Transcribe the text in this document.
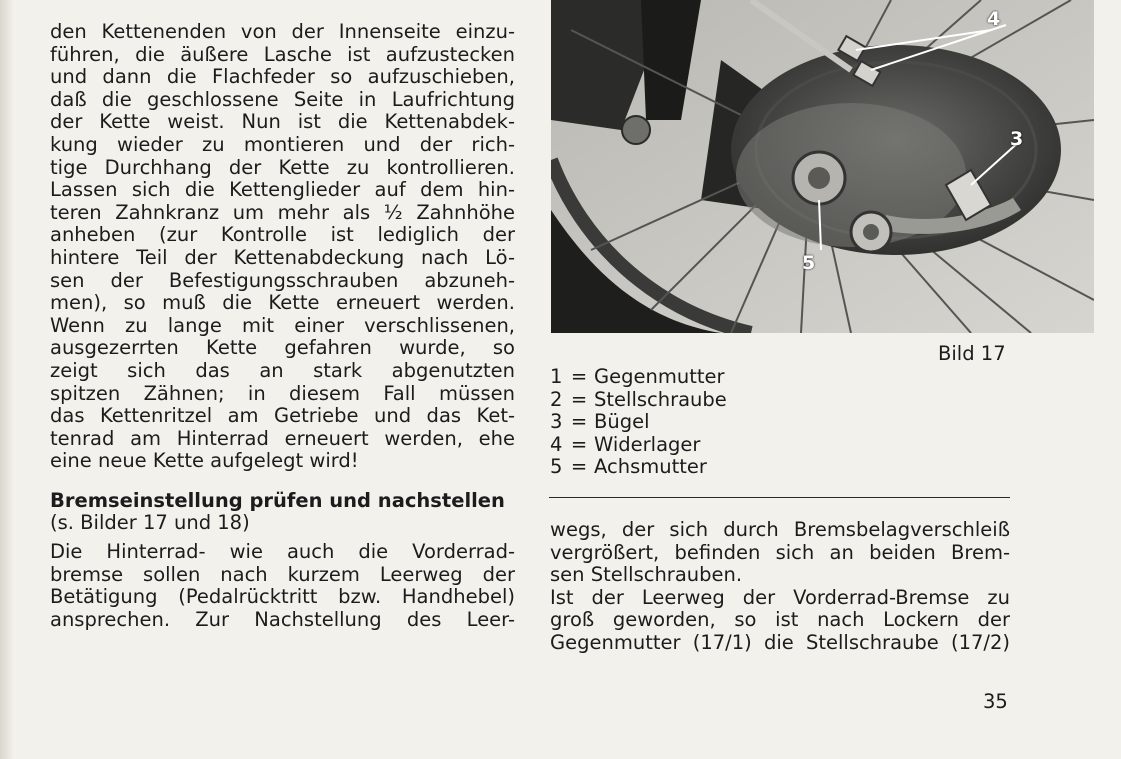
den Kettenenden von der Innenseite einzu-
führen, die äußere Lasche ist aufzustecken
und dann die Flachfeder so aufzuschieben,
daß die geschlossene Seite in Laufrichtung
der Kette weist. Nun ist die Kettenabdek-
kung wieder zu montieren und der rich-
tige Durchhang der Kette zu kontrollieren.
Lassen sich die Kettenglieder auf dem hin-
teren Zahnkranz um mehr als ½ Zahnhöhe
anheben (zur Kontrolle ist lediglich der
hintere Teil der Kettenabdeckung nach Lö-
sen der Befestigungsschrauben abzuneh-
men), so muß die Kette erneuert werden.
Wenn zu lange mit einer verschlissenen,
ausgezerrten Kette gefahren wurde, so
zeigt sich das an stark abgenutzten
spitzen Zähnen; in diesem Fall müssen
das Kettenritzel am Getriebe und das Ket-
tenrad am Hinterrad erneuert werden, ehe
eine neue Kette aufgelegt wird!
Bremseinstellung prüfen und nachstellen
(s. Bilder 17 und 18)
Die Hinterrad- wie auch die Vorderrad-
bremse sollen nach kurzem Leerweg der
Betätigung (Pedalrücktritt bzw. Handhebel)
ansprechen. Zur Nachstellung des Leer-
4
3
5
Bild 17
1 = Gegenmutter
2 = Stellschraube
3 = Bügel
4 = Widerlager
5 = Achsmutter
wegs, der sich durch Bremsbelagverschleiß
vergrößert, befinden sich an beiden Brem-
sen Stellschrauben.
Ist der Leerweg der Vorderrad-Bremse zu
groß geworden, so ist nach Lockern der
Gegenmutter (17/1) die Stellschraube (17/2)
35
